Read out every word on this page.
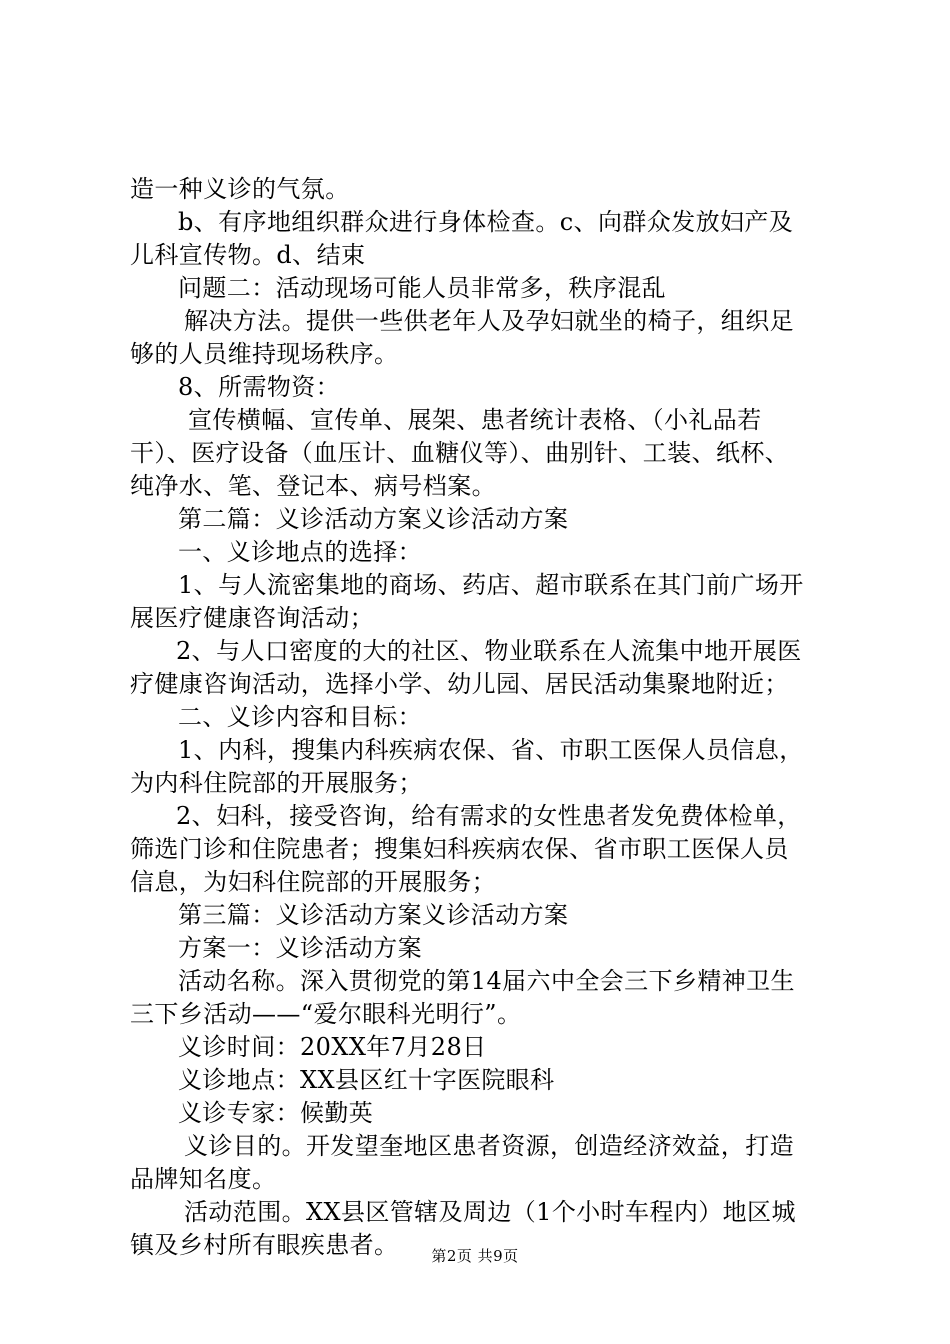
造一种义诊的气氛。
b、有序地组织群众进行身体检查。c、向群众发放妇产及
儿科宣传物。d、结束
问题二：活动现场可能人员非常多，秩序混乱
解决方法。提供一些供老年人及孕妇就坐的椅子，组织足
够的人员维持现场秩序。
8、所需物资：
宣传横幅、宣传单、展架、患者统计表格、（小礼品若
干）、医疗设备（血压计、血糖仪等）、曲别针、工装、纸杯、
纯净水、笔、登记本、病号档案。
第二篇：义诊活动方案义诊活动方案
一、义诊地点的选择：
1、与人流密集地的商场、药店、超市联系在其门前广场开
展医疗健康咨询活动；
2、与人口密度的大的社区、物业联系在人流集中地开展医
疗健康咨询活动，选择小学、幼儿园、居民活动集聚地附近；
二、义诊内容和目标：
1、内科，搜集内科疾病农保、省、市职工医保人员信息，
为内科住院部的开展服务；
2、妇科，接受咨询，给有需求的女性患者发免费体检单，
筛选门诊和住院患者；搜集妇科疾病农保、省市职工医保人员
信息，为妇科住院部的开展服务；
第三篇：义诊活动方案义诊活动方案
方案一：义诊活动方案
活动名称。深入贯彻党的第14届六中全会三下乡精神卫生
三下乡活动——“爱尔眼科光明行”。
义诊时间：20XX年7月28日
义诊地点：XX县区红十字医院眼科
义诊专家：候勤英
义诊目的。开发望奎地区患者资源，创造经济效益，打造
品牌知名度。
活动范围。XX县区管辖及周边（1个小时车程内）地区城
镇及乡村所有眼疾患者。	第2页 共9页
